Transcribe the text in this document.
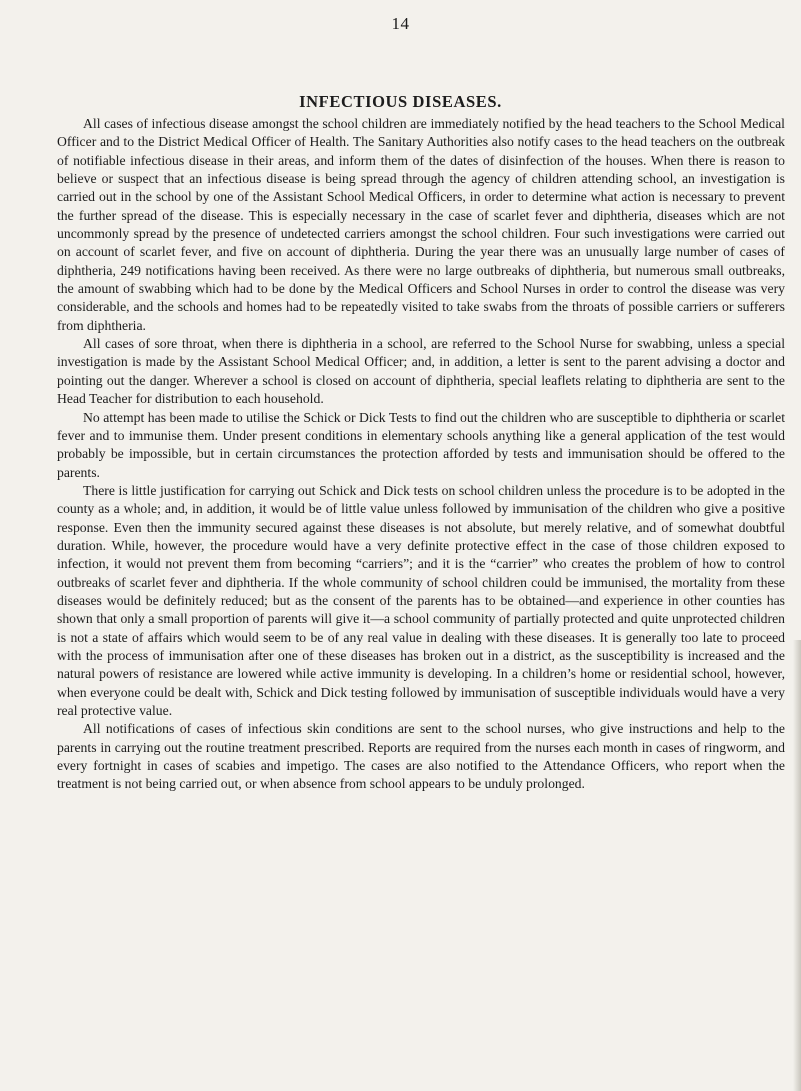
14
INFECTIOUS DISEASES.

All cases of infectious disease amongst the school children are immediately notified by the head teachers to the School Medical Officer and to the District Medical Officer of Health. The Sanitary Authorities also notify cases to the head teachers on the outbreak of notifiable infectious disease in their areas, and inform them of the dates of disinfection of the houses. When there is reason to believe or suspect that an infectious disease is being spread through the agency of children attending school, an investigation is carried out in the school by one of the Assistant School Medical Officers, in order to determine what action is necessary to prevent the further spread of the disease. This is especially necessary in the case of scarlet fever and diphtheria, diseases which are not uncommonly spread by the presence of undetected carriers amongst the school children. Four such investigations were carried out on account of scarlet fever, and five on account of diphtheria. During the year there was an unusually large number of cases of diphtheria, 249 notifications having been received. As there were no large outbreaks of diphtheria, but numerous small outbreaks, the amount of swabbing which had to be done by the Medical Officers and School Nurses in order to control the disease was very considerable, and the schools and homes had to be repeatedly visited to take swabs from the throats of possible carriers or sufferers from diphtheria.

All cases of sore throat, when there is diphtheria in a school, are referred to the School Nurse for swabbing, unless a special investigation is made by the Assistant School Medical Officer; and, in addition, a letter is sent to the parent advising a doctor and pointing out the danger. Wherever a school is closed on account of diphtheria, special leaflets relating to diphtheria are sent to the Head Teacher for distribution to each household.

No attempt has been made to utilise the Schick or Dick Tests to find out the children who are susceptible to diphtheria or scarlet fever and to immunise them. Under present conditions in elementary schools anything like a general application of the test would probably be impossible, but in certain circumstances the protection afforded by tests and immunisation should be offered to the parents.

There is little justification for carrying out Schick and Dick tests on school children unless the procedure is to be adopted in the county as a whole; and, in addition, it would be of little value unless followed by immunisation of the children who give a positive response. Even then the immunity secured against these diseases is not absolute, but merely relative, and of somewhat doubtful duration. While, however, the procedure would have a very definite protective effect in the case of those children exposed to infection, it would not prevent them from becoming “carriers”; and it is the “carrier” who creates the problem of how to control outbreaks of scarlet fever and diphtheria. If the whole community of school children could be immunised, the mortality from these diseases would be definitely reduced; but as the consent of the parents has to be obtained—and experience in other counties has shown that only a small proportion of parents will give it—a school community of partially protected and quite unprotected children is not a state of affairs which would seem to be of any real value in dealing with these diseases. It is generally too late to proceed with the process of immunisation after one of these diseases has broken out in a district, as the susceptibility is increased and the natural powers of resistance are lowered while active immunity is developing. In a children’s home or residential school, however, when everyone could be dealt with, Schick and Dick testing followed by immunisation of susceptible individuals would have a very real protective value.

All notifications of cases of infectious skin conditions are sent to the school nurses, who give instructions and help to the parents in carrying out the routine treatment prescribed. Reports are required from the nurses each month in cases of ringworm, and every fortnight in cases of scabies and impetigo. The cases are also notified to the Attendance Officers, who report when the treatment is not being carried out, or when absence from school appears to be unduly prolonged.
